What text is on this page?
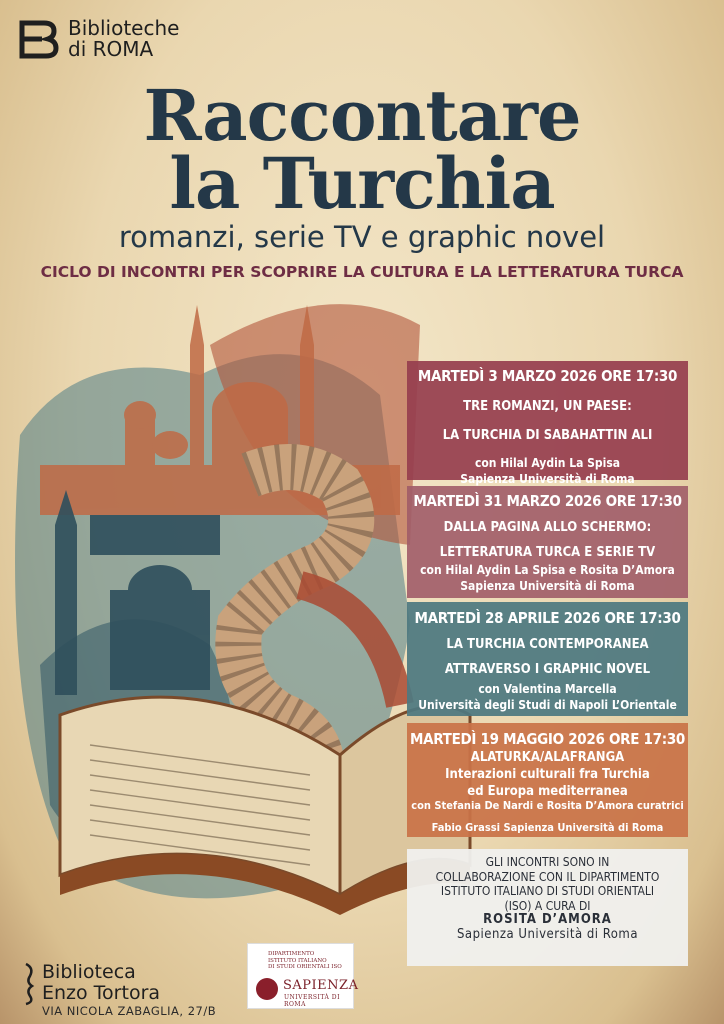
Biblioteche
di ROMA
Raccontare
la Turchia
romanzi, serie TV e graphic novel
CICLO DI INCONTRI PER SCOPRIRE LA CULTURA E LA LETTERATURA TURCA
MARTEDÌ 3 MARZO 2026 ORE 17:30
TRE ROMANZI, UN PAESE:
LA TURCHIA DI SABAHATTIN ALI
con Hilal Aydin La Spisa
Sapienza Università di Roma
MARTEDÌ 31 MARZO 2026 ORE 17:30
DALLA PAGINA ALLO SCHERMO:
LETTERATURA TURCA E SERIE TV
con Hilal Aydin La Spisa e Rosita D’Amora
Sapienza Università di Roma
MARTEDÌ 28 APRILE 2026 ORE 17:30
LA TURCHIA CONTEMPORANEA
ATTRAVERSO I GRAPHIC NOVEL
con Valentina Marcella
Università degli Studi di Napoli L’Orientale
MARTEDÌ 19 MAGGIO 2026 ORE 17:30
ALATURKA/ALAFRANGA
Interazioni culturali fra Turchia
ed Europa mediterranea
con Stefania De Nardi e Rosita D’Amora curatrici
Fabio Grassi Sapienza Università di Roma
GLI INCONTRI SONO IN
COLLABORAZIONE CON IL DIPARTIMENTO
ISTITUTO ITALIANO DI STUDI ORIENTALI
(ISO) A CURA DI
ROSITA D’AMORA
Sapienza Università di Roma
Biblioteca
Enzo Tortora
VIA NICOLA ZABAGLIA, 27/B
DIPARTIMENTO
ISTITUTO ITALIANO
DI STUDI ORIENTALI ISO
SAPIENZA
UNIVERSITÀ DI ROMA
